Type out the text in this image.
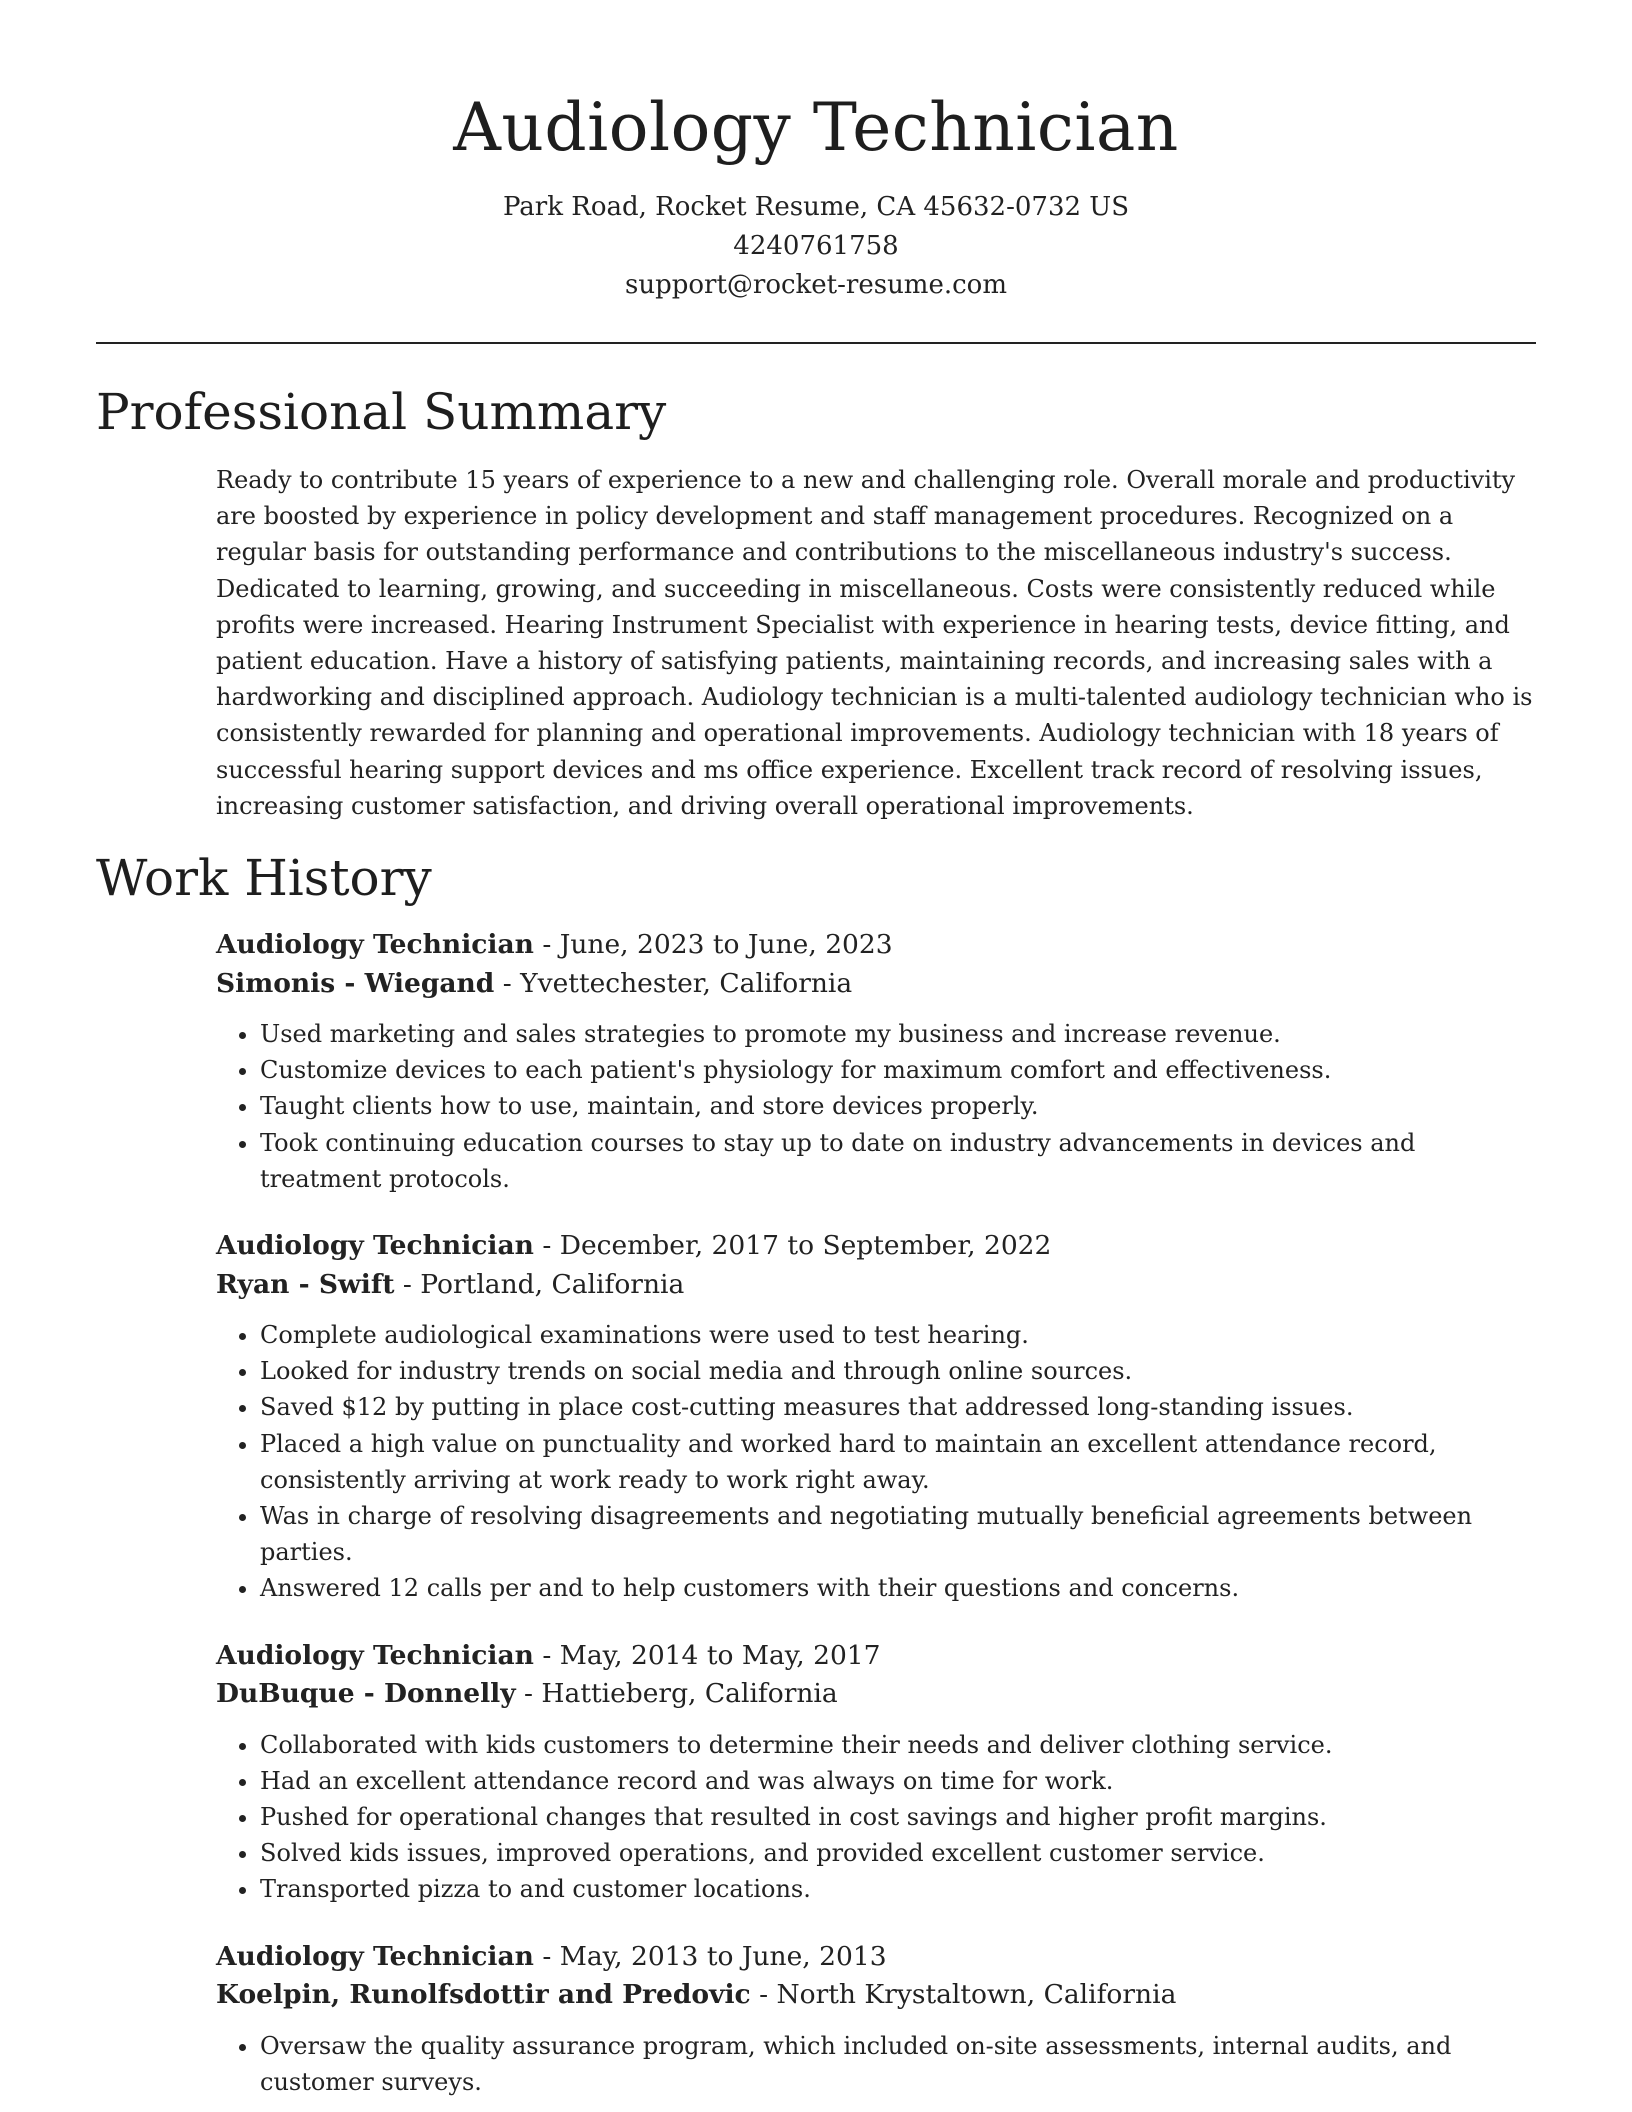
Audiology Technician
Park Road, Rocket Resume, CA 45632-0732 US
4240761758
support@rocket-resume.com
Professional Summary

Ready to contribute 15 years of experience to a new and challenging role. Overall morale and productivity are boosted by experience in policy development and staff management procedures. Recognized on a regular basis for outstanding performance and contributions to the miscellaneous industry's success. Dedicated to learning, growing, and succeeding in miscellaneous. Costs were consistently reduced while profits were increased. Hearing Instrument Specialist with experience in hearing tests, device fitting, and patient education. Have a history of satisfying patients, maintaining records, and increasing sales with a hardworking and disciplined approach. Audiology technician is a multi-talented audiology technician who is consistently rewarded for planning and operational improvements. Audiology technician with 18 years of successful hearing support devices and ms office experience. Excellent track record of resolving issues, increasing customer satisfaction, and driving overall operational improvements.

Work History

Audiology Technician - June, 2023 to June, 2023

Simonis - Wiegand - Yvettechester, California

• Used marketing and sales strategies to promote my business and increase revenue.
• Customize devices to each patient's physiology for maximum comfort and effectiveness.
• Taught clients how to use, maintain, and store devices properly.
• Took continuing education courses to stay up to date on industry advancements in devices and treatment protocols.

Audiology Technician - December, 2017 to September, 2022

Ryan - Swift - Portland, California

• Complete audiological examinations were used to test hearing.
• Looked for industry trends on social media and through online sources.
• Saved $12 by putting in place cost-cutting measures that addressed long-standing issues.
• Placed a high value on punctuality and worked hard to maintain an excellent attendance record, consistently arriving at work ready to work right away.
• Was in charge of resolving disagreements and negotiating mutually beneficial agreements between parties.
• Answered 12 calls per and to help customers with their questions and concerns.

Audiology Technician - May, 2014 to May, 2017

DuBuque - Donnelly - Hattieberg, California

• Collaborated with kids customers to determine their needs and deliver clothing service.
• Had an excellent attendance record and was always on time for work.
• Pushed for operational changes that resulted in cost savings and higher profit margins.
• Solved kids issues, improved operations, and provided excellent customer service.
• Transported pizza to and customer locations.

Audiology Technician - May, 2013 to June, 2013

Koelpin, Runolfsdottir and Predovic - North Krystaltown, California

• Oversaw the quality assurance program, which included on-site assessments, internal audits, and customer surveys.
